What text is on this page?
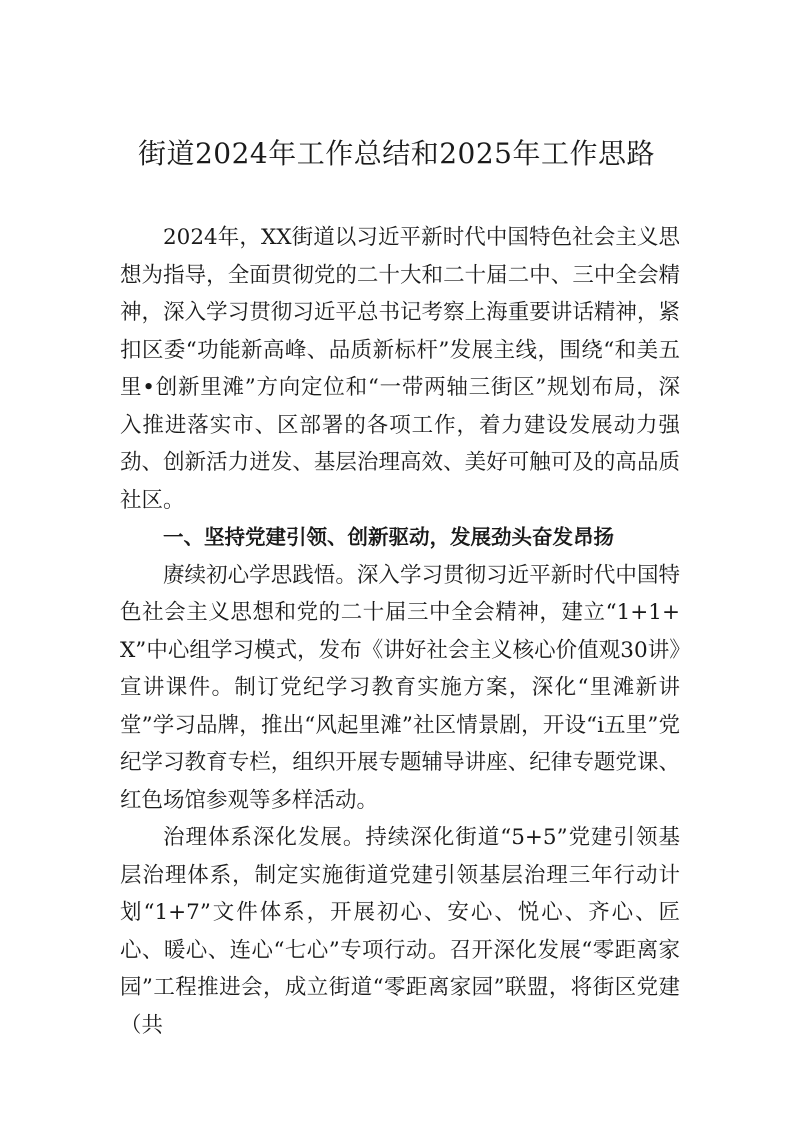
街道2024年工作总结和2025年工作思路

2024年，XX街道以习近平新时代中国特色社会主义思想为指导，全面贯彻党的二十大和二十届二中、三中全会精神，深入学习贯彻习近平总书记考察上海重要讲话精神，紧扣区委“功能新高峰、品质新标杆”发展主线，围绕“和美五里•创新里滩”方向定位和“一带两轴三街区”规划布局，深入推进落实市、区部署的各项工作，着力建设发展动力强劲、创新活力迸发、基层治理高效、美好可触可及的高品质社区。

一、坚持党建引领、创新驱动，发展劲头奋发昂扬

赓续初心学思践悟。深入学习贯彻习近平新时代中国特色社会主义思想和党的二十届三中全会精神，建立“1+1+X”中心组学习模式，发布《讲好社会主义核心价值观30讲》宣讲课件。制订党纪学习教育实施方案，深化“里滩新讲堂”学习品牌，推出“风起里滩”社区情景剧，开设“i五里”党纪学习教育专栏，组织开展专题辅导讲座、纪律专题党课、红色场馆参观等多样活动。

治理体系深化发展。持续深化街道“5+5”党建引领基层治理体系，制定实施街道党建引领基层治理三年行动计划“1+7”文件体系，开展初心、安心、悦心、齐心、匠心、暖心、连心“七心”专项行动。召开深化发展“零距离家园”工程推进会，成立街道“零距离家园”联盟，将街区党建（共
